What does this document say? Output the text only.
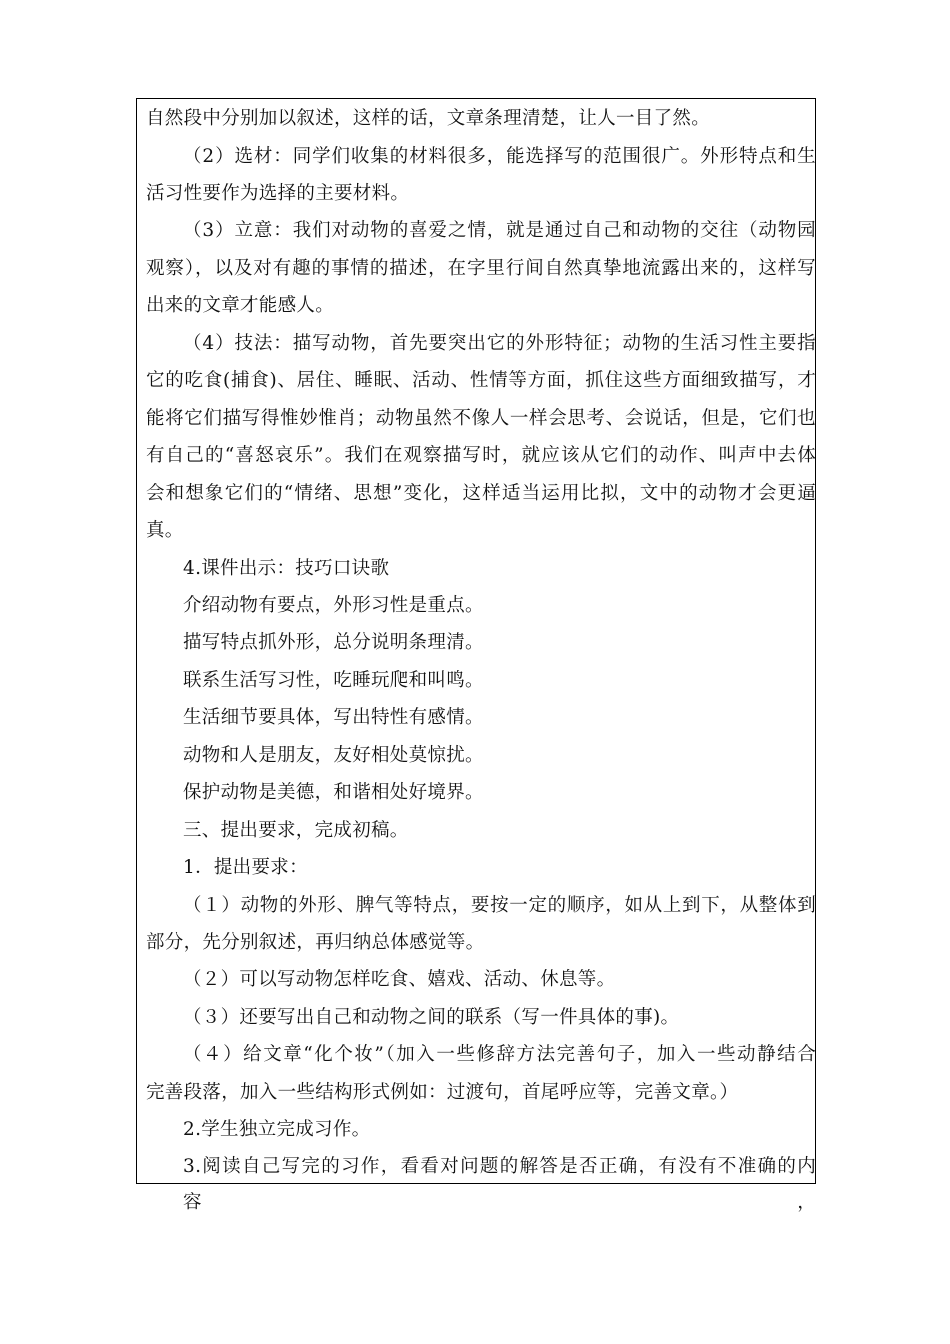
自然段中分别加以叙述，这样的话，文章条理清楚，让人一目了然。
（2）选材：同学们收集的材料很多，能选择写的范围很广。外形特点和生
活习性要作为选择的主要材料。
（3）立意：我们对动物的喜爱之情，就是通过自己和动物的交往（动物园
观察），以及对有趣的事情的描述，在字里行间自然真挚地流露出来的，这样写
出来的文章才能感人。
（4）技法：描写动物，首先要突出它的外形特征；动物的生活习性主要指
它的吃食(捕食)、居住、睡眠、活动、性情等方面，抓住这些方面细致描写，才
能将它们描写得惟妙惟肖；动物虽然不像人一样会思考、会说话，但是，它们也
有自己的“喜怒哀乐”。我们在观察描写时，就应该从它们的动作、叫声中去体
会和想象它们的“情绪、思想”变化，这样适当运用比拟，文中的动物才会更逼
真。
4.课件出示：技巧口诀歌
介绍动物有要点，外形习性是重点。
描写特点抓外形，总分说明条理清。
联系生活写习性，吃睡玩爬和叫鸣。
生活细节要具体，写出特性有感情。
动物和人是朋友，友好相处莫惊扰。
保护动物是美德，和谐相处好境界。
三、提出要求，完成初稿。
1．提出要求：
（１）动物的外形、脾气等特点，要按一定的顺序，如从上到下，从整体到
部分，先分别叙述，再归纳总体感觉等。
（２）可以写动物怎样吃食、嬉戏、活动、休息等。
（３）还要写出自己和动物之间的联系（写一件具体的事)。
（４）给文章“化个妆”（加入一些修辞方法完善句子，加入一些动静结合
完善段落，加入一些结构形式例如：过渡句，首尾呼应等，完善文章。）
2.学生独立完成习作。
3.阅读自己写完的习作，看看对问题的解答是否正确，有没有不准确的内容，
